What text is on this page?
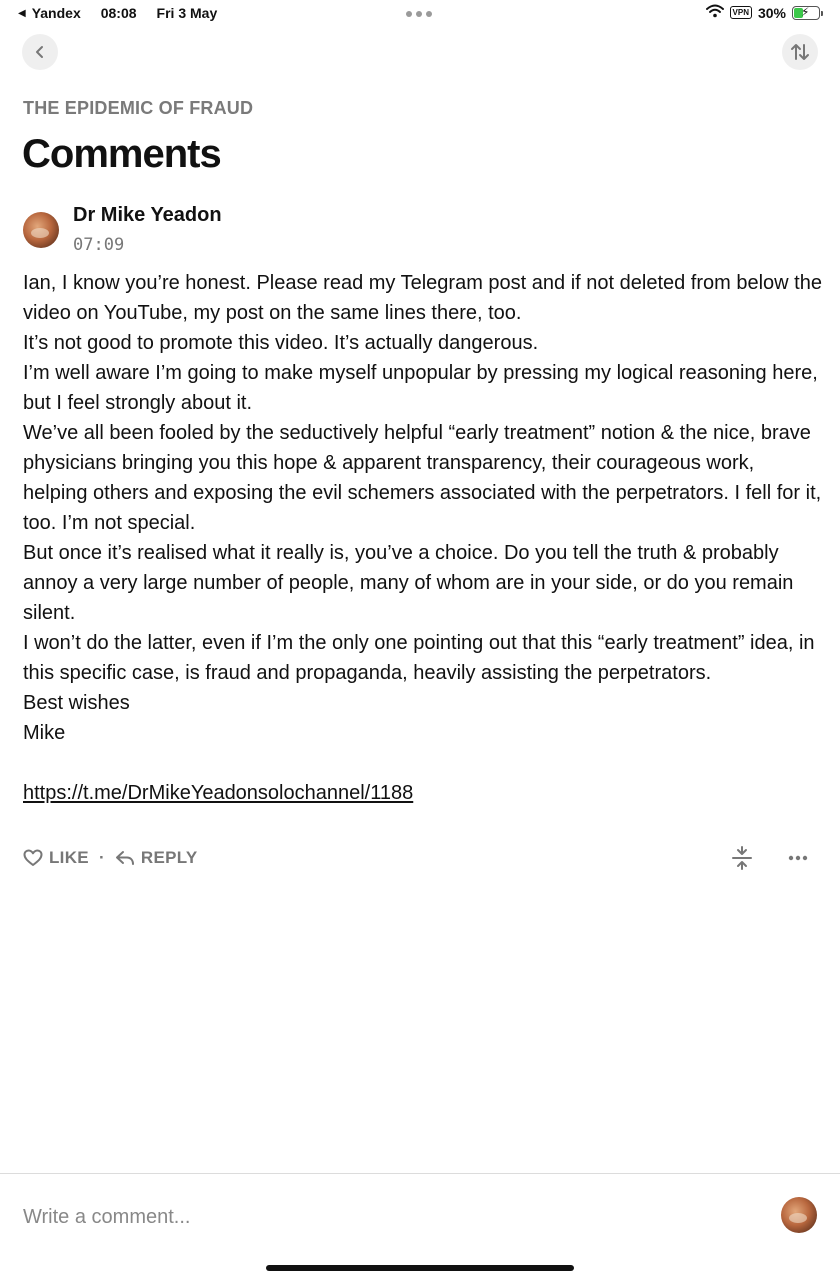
◀ Yandex 08:08 Fri 3 May	VPN 30% ⚡
THE EPIDEMIC OF FRAUD
Comments
Dr Mike Yeadon
07:09

Ian, I know you’re honest. Please read my Telegram post and if not deleted from below the video on YouTube, my post on the same lines there, too.

It’s not good to promote this video. It’s actually dangerous.

I’m well aware I’m going to make myself unpopular by pressing my logical reasoning here, but I feel strongly about it.

We’ve all been fooled by the seductively helpful “early treatment” notion & the nice, brave physicians bringing you this hope & apparent transparency, their courageous work, helping others and exposing the evil schemers associated with the perpetrators. I fell for it, too. I’m not special.

But once it’s realised what it really is, you’ve a choice. Do you tell the truth & probably annoy a very large number of people, many of whom are in your side, or do you remain silent.

I won’t do the latter, even if I’m the only one pointing out that this “early treatment” idea, in this specific case, is fraud and propaganda, heavily assisting the perpetrators.

Best wishes

Mike

https://t.me/DrMikeYeadonsolochannel/1188

LIKE · REPLY
Write a comment...
